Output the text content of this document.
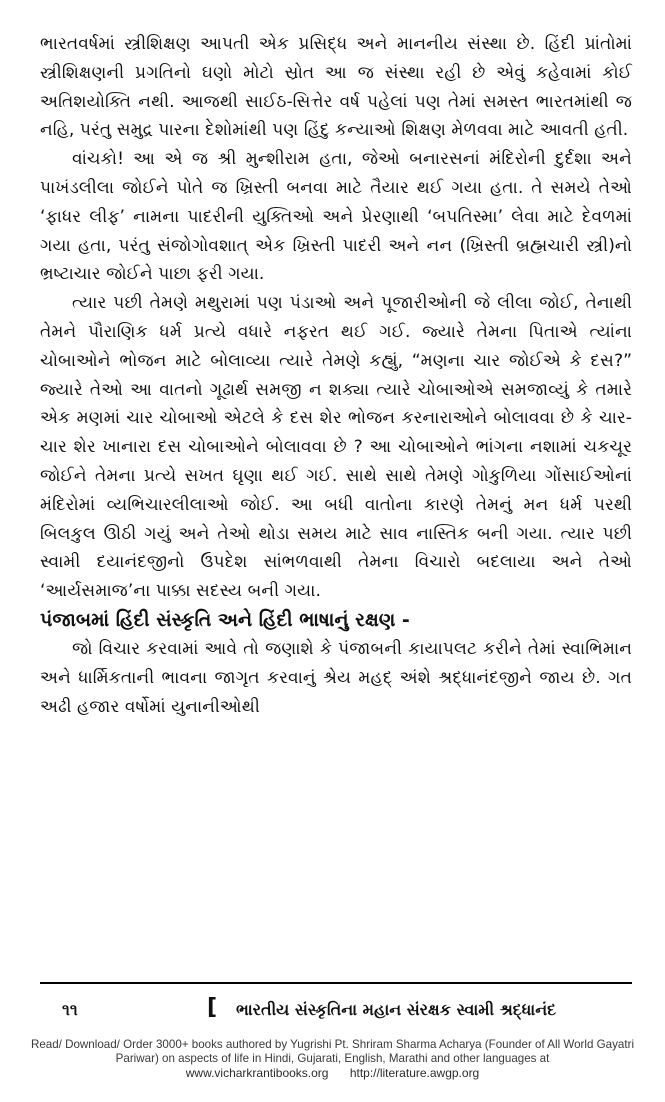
ભારતવર્ષમાં સ્ત્રીશિક્ષણ આપતી એક પ્રસિદ્ધ અને માનનીય સંસ્થા છે. હિંદી પ્રાંતોમાં સ્ત્રીશિક્ષણની પ્રગતિનો ઘણો મોટો સ્રોત આ જ સંસ્થા રહી છે એવું કહેવામાં કોઈ અતિશયોક્તિ નથી. આજથી સાઈઠ-સિત્તેર વર્ષ પહેલાં પણ તેમાં સમસ્ત ભારતમાંથી જ નહિ, પરંતુ સમુદ્ર પારના દેશોમાંથી પણ હિંદુ કન્યાઓ શિક્ષણ મેળવવા માટે આવતી હતી.

વાંચકો! આ એ જ શ્રી મુન્શીરામ હતા, જેઓ બનારસનાં મંદિરોની દુર્દશા અને પાખંડલીલા જોઈને પોતે જ ખ્રિસ્તી બનવા માટે તૈયાર થઈ ગયા હતા. તે સમયે તેઓ ‘ફાધર લીફ’ નામના પાદરીની યુક્તિઓ અને પ્રેરણાથી ‘બપતિસ્મા’ લેવા માટે દેવળમાં ગયા હતા, પરંતુ સંજોગોવશાત્ એક ખ્રિસ્તી પાદરી અને નન (ખ્રિસ્તી બ્રહ્મચારી સ્ત્રી)નો ભ્રષ્ટાચાર જોઈને પાછા ફરી ગયા.

ત્યાર પછી તેમણે મથુરામાં પણ પંડાઓ અને પૂજારીઓની જે લીલા જોઈ, તેનાથી તેમને પૌરાણિક ધર્મ પ્રત્યે વધારે નફરત થઈ ગઈ. જ્યારે તેમના પિતાએ ત્યાંના ચોબાઓને ભોજન માટે બોલાવ્યા ત્યારે તેમણે કહ્યું, “મણના ચાર જોઈએ કે દસ?” જ્યારે તેઓ આ વાતનો ગૂઢાર્થ સમજી ન શક્યા ત્યારે ચોબાઓએ સમજાવ્યું કે તમારે એક મણમાં ચાર ચોબાઓ એટલે કે દસ શેર ભોજન કરનારાઓને બોલાવવા છે કે ચાર-ચાર શેર ખાનારા દસ ચોબાઓને બોલાવવા છે ? આ ચોબાઓને ભાંગના નશામાં ચકચૂર જોઈને તેમના પ્રત્યે સખત ઘૃણા થઈ ગઈ. સાથે સાથે તેમણે ગોકુળિયા ગોંસાઈઓનાં મંદિરોમાં વ્યભિચારલીલાઓ જોઈ. આ બધી વાતોના કારણે તેમનું મન ધર્મ પરથી બિલકુલ ઊઠી ગયું અને તેઓ થોડા સમય માટે સાવ નાસ્તિક બની ગયા. ત્યાર પછી સ્વામી દયાનંદજીનો ઉપદેશ સાંભળવાથી તેમના વિચારો બદલાયા અને તેઓ ‘આર્યસમાજ’ના પાક્કા સદસ્ય બની ગયા.

પંજાબમાં હિંદી સંસ્કૃતિ અને હિંદી ભાષાનું રક્ષણ -

જો વિચાર કરવામાં આવે તો જણાશે કે પંજાબની કાયાપલટ કરીને તેમાં સ્વાભિમાન અને ધાર્મિકતાની ભાવના જાગૃત કરવાનું શ્રેય મહદ્ અંશે શ્રદ્ધાનંદજીને જાય છે. ગત અઢી હજાર વર્ષોમાં યુનાનીઓથી

૧૧	[ ભારતીય સંસ્કૃતિના મહાન સંરક્ષક સ્વામી શ્રદ્ધાનંદ
Read/ Download/ Order 3000+ books authored by Yugrishi Pt. Shriram Sharma Acharya (Founder of All World Gayatri Pariwar) on aspects of life in Hindi, Gujarati, English, Marathi and other languages at
www.vicharkrantibooks.org http://literature.awgp.org
